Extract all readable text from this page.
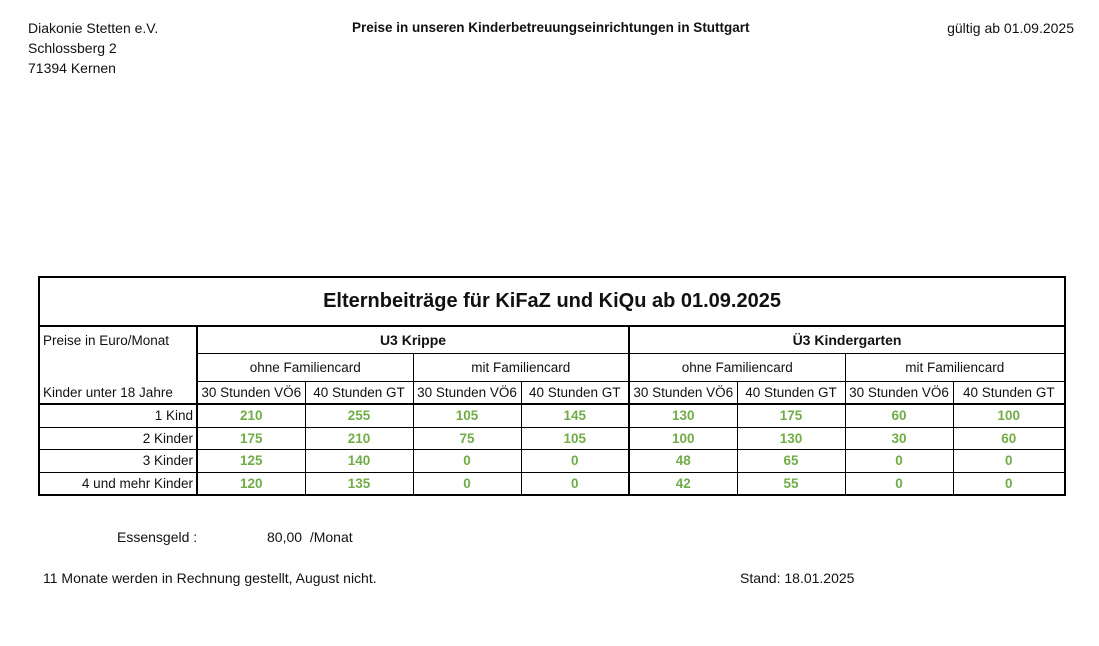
Diakonie Stetten e.V.
Schlossberg 2
71394 Kernen
Preise in unseren Kinderbetreuungseinrichtungen in Stuttgart	gültig ab 01.09.2025
Elternbeiträge für KiFaZ und KiQu ab 01.09.2025								
Preise in Euro/Monat	U3 Krippe				Ü3 Kindergarten			
	ohne Familiencard		mit Familiencard		ohne Familiencard		mit Familiencard	
Kinder unter 18 Jahre	30 Stunden VÖ6	40 Stunden GT	30 Stunden VÖ6	40 Stunden GT	30 Stunden VÖ6	40 Stunden GT	30 Stunden VÖ6	40 Stunden GT
1 Kind	210	255	105	145	130	175	60	100
2 Kinder	175	210	75	105	100	130	30	60
3 Kinder	125	140	0	0	48	65	0	0
4 und mehr Kinder	120	135	0	0	42	55	0	0
Essensgeld :	80,00  /Monat
11 Monate werden in Rechnung gestellt, August nicht.	Stand: 18.01.2025
